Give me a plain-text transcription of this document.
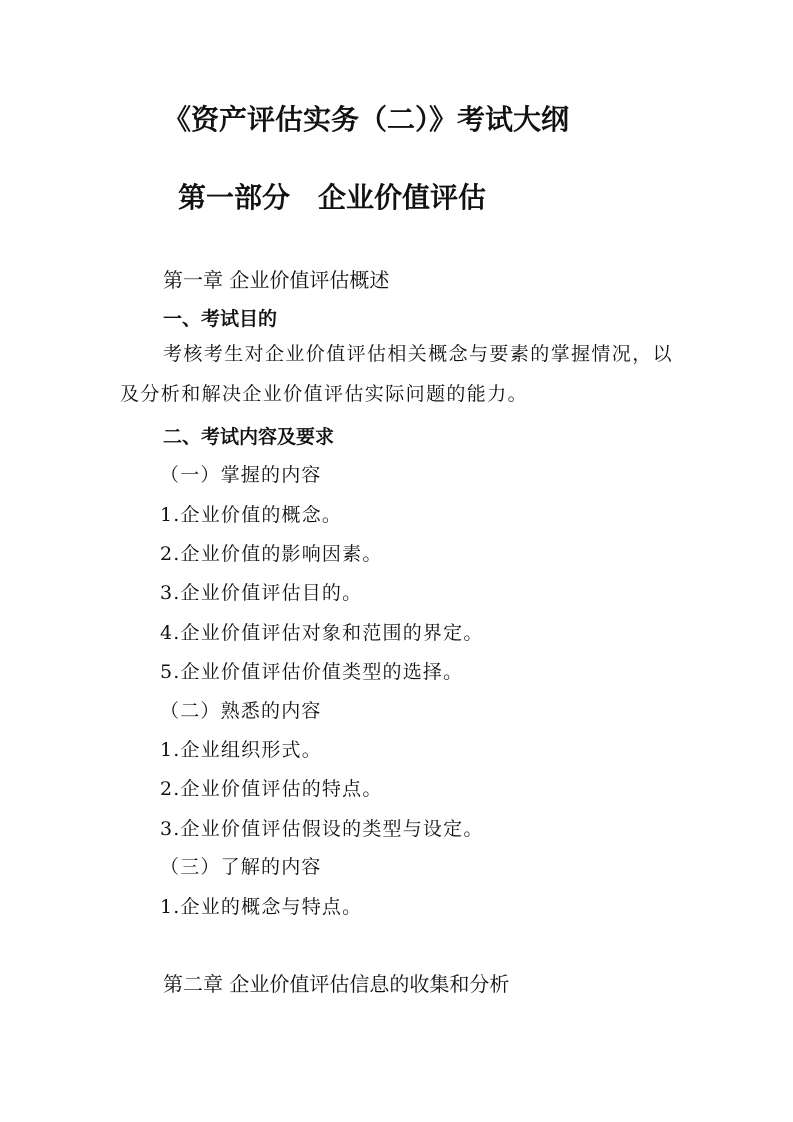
《资产评估实务（二）》考试大纲
第一部分　企业价值评估
第一章 企业价值评估概述
一、考试目的
考核考生对企业价值评估相关概念与要素的掌握情况，以及分析和解决企业价值评估实际问题的能力。
二、考试内容及要求
（一）掌握的内容
1.企业价值的概念。
2.企业价值的影响因素。
3.企业价值评估目的。
4.企业价值评估对象和范围的界定。
5.企业价值评估价值类型的选择。
（二）熟悉的内容
1.企业组织形式。
2.企业价值评估的特点。
3.企业价值评估假设的类型与设定。
（三）了解的内容
1.企业的概念与特点。
第二章 企业价值评估信息的收集和分析
